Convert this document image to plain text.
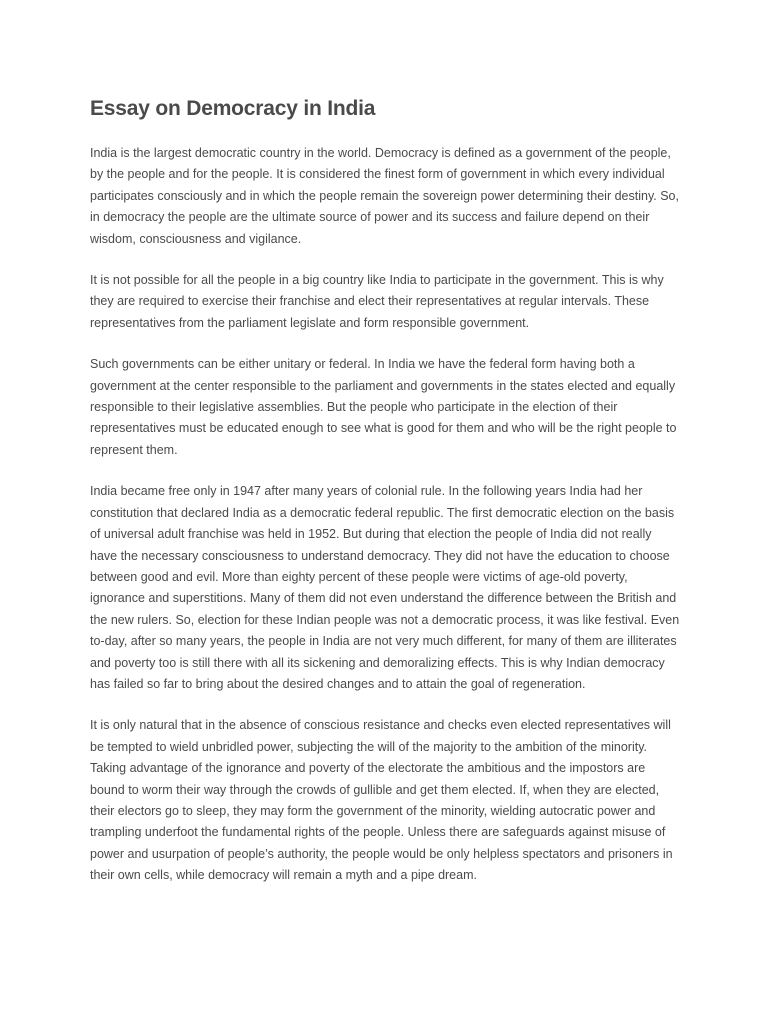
Essay on Democracy in India

India is the largest democratic country in the world. Democracy is defined as a government of the people, by the people and for the people. It is considered the finest form of government in which every individual participates consciously and in which the people remain the sovereign power determining their destiny. So, in democracy the people are the ultimate source of power and its success and failure depend on their wisdom, consciousness and vigilance.

It is not possible for all the people in a big country like India to participate in the government. This is why they are required to exercise their franchise and elect their representatives at regular intervals. These representatives from the parliament legislate and form responsible government.

Such governments can be either unitary or federal. In India we have the federal form having both a government at the center responsible to the parliament and governments in the states elected and equally responsible to their legislative assemblies. But the people who participate in the election of their representatives must be educated enough to see what is good for them and who will be the right people to represent them.

India became free only in 1947 after many years of colonial rule. In the following years India had her constitution that declared India as a democratic federal republic. The first democratic election on the basis of universal adult franchise was held in 1952. But during that election the people of India did not really have the necessary consciousness to understand democracy. They did not have the education to choose between good and evil. More than eighty percent of these people were victims of age-old poverty, ignorance and superstitions. Many of them did not even understand the difference between the British and the new rulers. So, election for these Indian people was not a democratic process, it was like festival. Even to-day, after so many years, the people in India are not very much different, for many of them are illiterates and poverty too is still there with all its sickening and demoralizing effects. This is why Indian democracy has failed so far to bring about the desired changes and to attain the goal of regeneration.

It is only natural that in the absence of conscious resistance and checks even elected representatives will be tempted to wield unbridled power, subjecting the will of the majority to the ambition of the minority. Taking advantage of the ignorance and poverty of the electorate the ambitious and the impostors are bound to worm their way through the crowds of gullible and get them elected. If, when they are elected, their electors go to sleep, they may form the government of the minority, wielding autocratic power and trampling underfoot the fundamental rights of the people. Unless there are safeguards against misuse of power and usurpation of people’s authority, the people would be only helpless spectators and prisoners in their own cells, while democracy will remain a myth and a pipe dream.
